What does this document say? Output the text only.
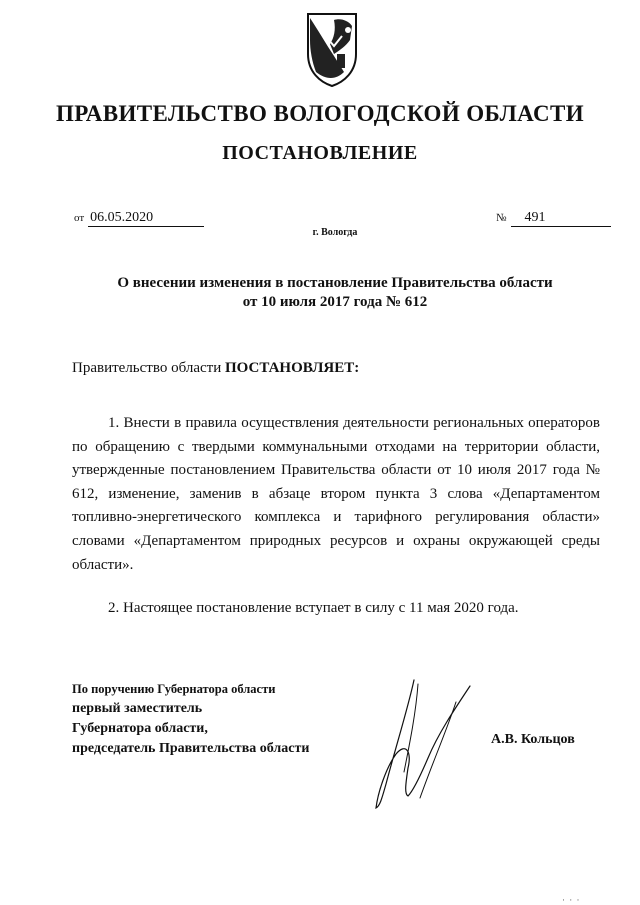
ПРАВИТЕЛЬСТВО ВОЛОГОДСКОЙ ОБЛАСТИ
ПОСТАНОВЛЕНИЕ
от 06.05.2020	№ 491
г. Вологда
О внесении изменения в постановление Правительства области
от 10 июля 2017 года № 612
Правительство области ПОСТАНОВЛЯЕТ:
1. Внести в правила осуществления деятельности региональных операторов по обращению с твердыми коммунальными отходами на территории области, утвержденные постановлением Правительства области от 10 июля 2017 года № 612, изменение, заменив в абзаце втором пункта 3 слова «Департаментом топливно-энергетического комплекса и тарифного регулирования области» словами «Департаментом природных ресурсов и охраны окружающей среды области».
2. Настоящее постановление вступает в силу с 11 мая 2020 года.
По поручению Губернатора области
первый заместитель
Губернатора области,
председатель Правительства области
А.В. Кольцов
· · ·
